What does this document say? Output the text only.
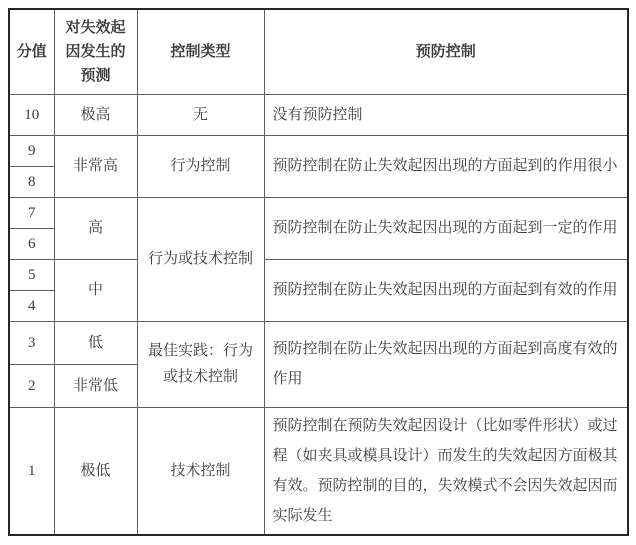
分值	对失效起因发生的预测	控制类型	预防控制
10	极高	无	没有预防控制
9	非常高	行为控制	预防控制在防止失效起因出现的方面起到的作用很小
8			
7	高	行为或技术控制	预防控制在防止失效起因出现的方面起到一定的作用
6			
5	中		预防控制在防止失效起因出现的方面起到有效的作用
4			
3	低	最佳实践：行为或技术控制	预防控制在防止失效起因出现的方面起到高度有效的作用
2	非常低		
1	极低	技术控制	预防控制在预防失效起因设计（比如零件形状）或过程（如夹具或模具设计）而发生的失效起因方面极其有效。预防控制的目的，失效模式不会因失效起因而实际发生
